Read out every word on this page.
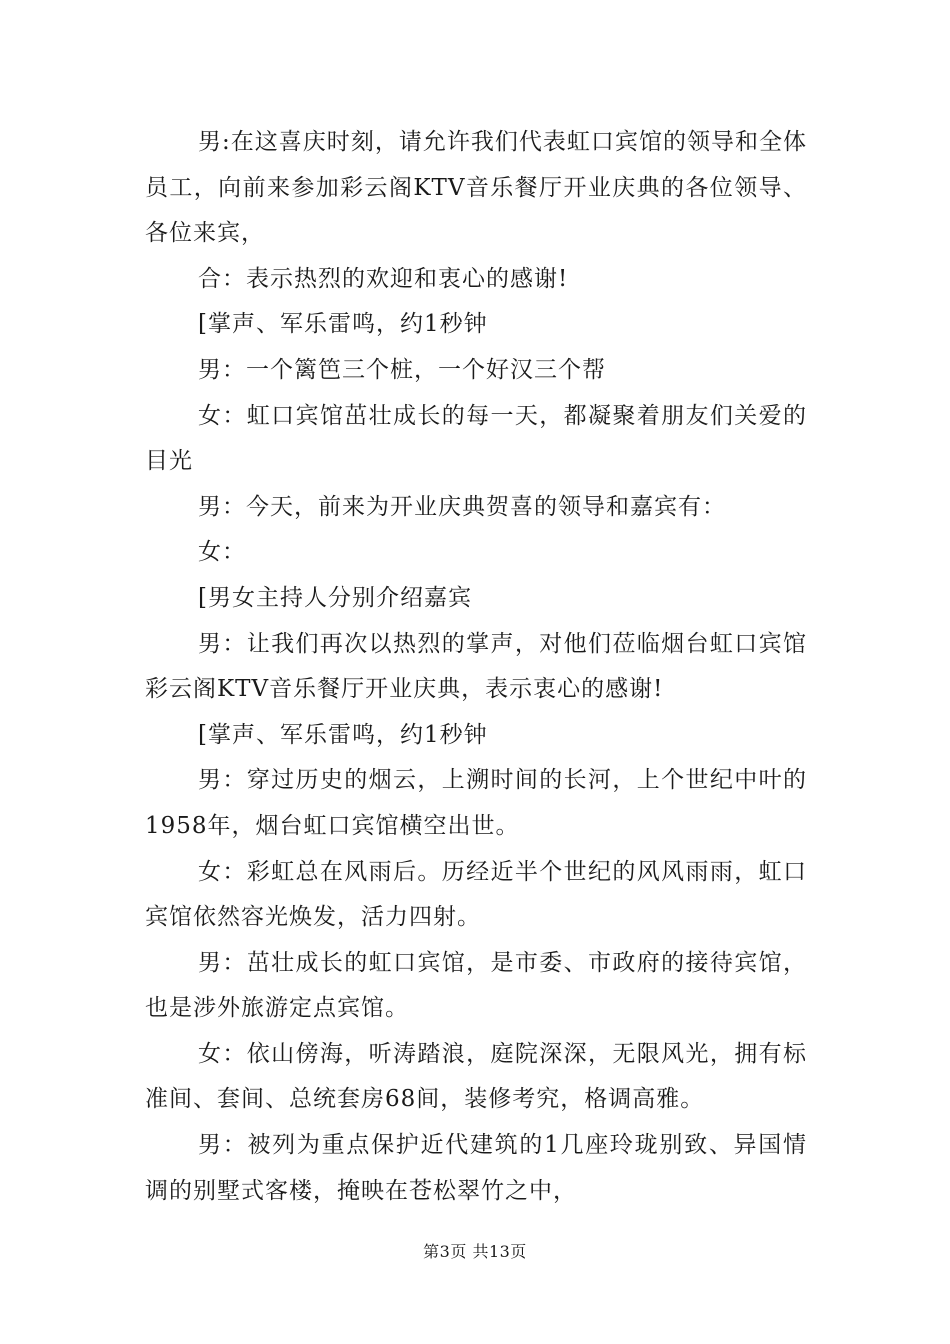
男:在这喜庆时刻，请允许我们代表虹口宾馆的领导和全体员工，向前来参加彩云阁KTV音乐餐厅开业庆典的各位领导、各位来宾，

合：表示热烈的欢迎和衷心的感谢!

[掌声、军乐雷鸣，约1秒钟

男：一个篱笆三个桩，一个好汉三个帮

女：虹口宾馆茁壮成长的每一天，都凝聚着朋友们关爱的目光

男：今天，前来为开业庆典贺喜的领导和嘉宾有：

女：

[男女主持人分别介绍嘉宾

男：让我们再次以热烈的掌声，对他们莅临烟台虹口宾馆彩云阁KTV音乐餐厅开业庆典，表示衷心的感谢!

[掌声、军乐雷鸣，约1秒钟

男：穿过历史的烟云，上溯时间的长河，上个世纪中叶的1958年，烟台虹口宾馆横空出世。

女：彩虹总在风雨后。历经近半个世纪的风风雨雨，虹口宾馆依然容光焕发，活力四射。

男：茁壮成长的虹口宾馆，是市委、市政府的接待宾馆，也是涉外旅游定点宾馆。

女：依山傍海，听涛踏浪，庭院深深，无限风光，拥有标准间、套间、总统套房68间，装修考究，格调高雅。

男：被列为重点保护近代建筑的1几座玲珑别致、异国情调的别墅式客楼，掩映在苍松翠竹之中，

第3页 共13页
